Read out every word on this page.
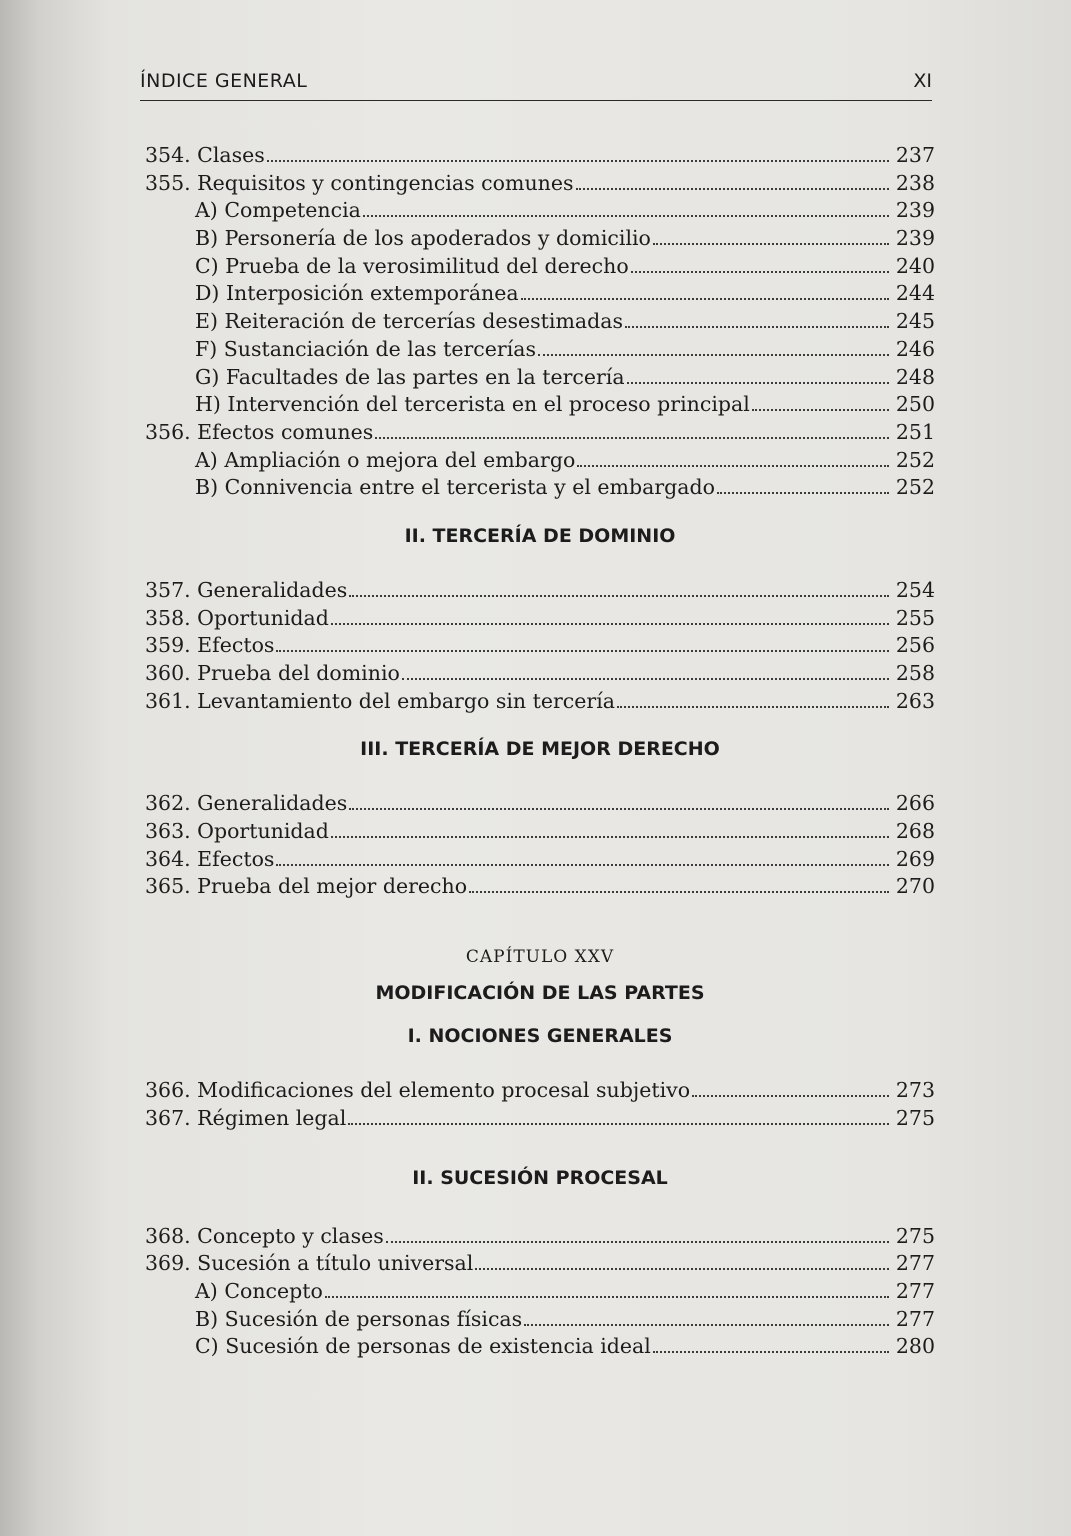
ÍNDICE GENERAL	XI
354. Clases	237
355. Requisitos y contingencias comunes	238
A) Competencia	239
B) Personería de los apoderados y domicilio	239
C) Prueba de la verosimilitud del derecho	240
D) Interposición extemporánea	244
E) Reiteración de tercerías desestimadas	245
F) Sustanciación de las tercerías	246
G) Facultades de las partes en la tercería	248
H) Intervención del tercerista en el proceso principal	250
356. Efectos comunes	251
A) Ampliación o mejora del embargo	252
B) Connivencia entre el tercerista y el embargado	252
II. TERCERÍA DE DOMINIO
357. Generalidades	254
358. Oportunidad	255
359. Efectos	256
360. Prueba del dominio	258
361. Levantamiento del embargo sin tercería	263
III. TERCERÍA DE MEJOR DERECHO
362. Generalidades	266
363. Oportunidad	268
364. Efectos	269
365. Prueba del mejor derecho	270
CAPÍTULO XXV
MODIFICACIÓN DE LAS PARTES
I. NOCIONES GENERALES
366. Modificaciones del elemento procesal subjetivo	273
367. Régimen legal	275
II. SUCESIÓN PROCESAL
368. Concepto y clases	275
369. Sucesión a título universal	277
A) Concepto	277
B) Sucesión de personas físicas	277
C) Sucesión de personas de existencia ideal	280
